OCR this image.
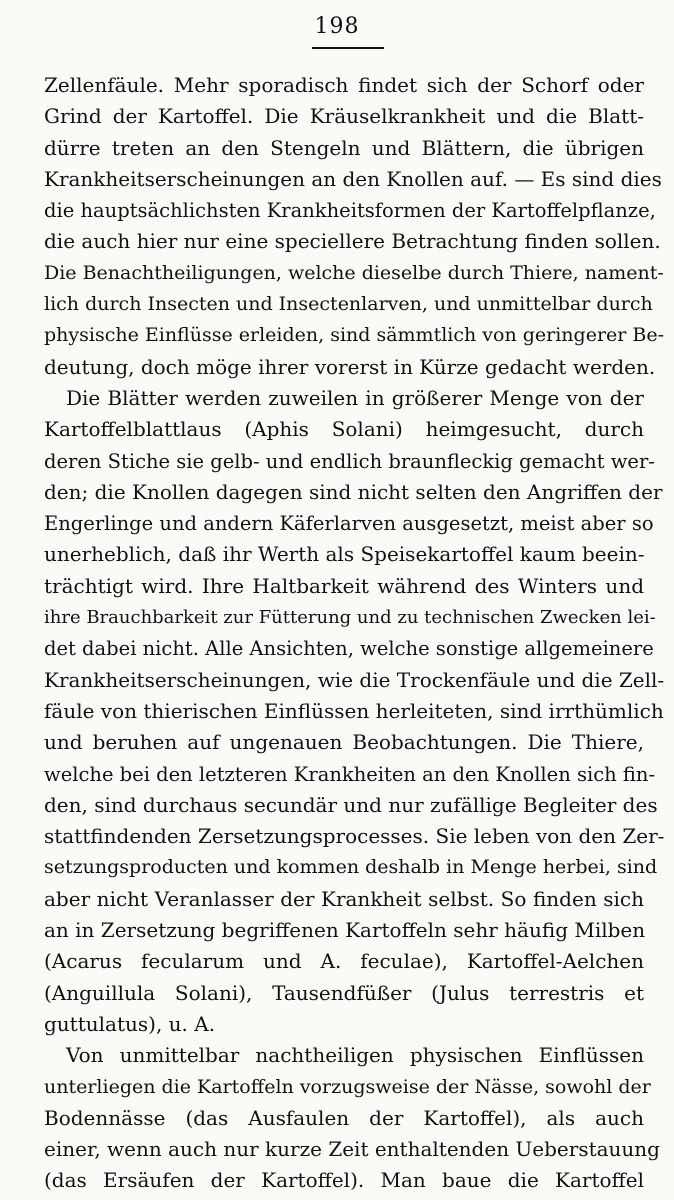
198
Zellenfäule. Mehr sporadisch findet sich der Schorf oder
Grind der Kartoffel. Die Kräuselkrankheit und die Blatt-
dürre treten an den Stengeln und Blättern, die übrigen
Krankheitserscheinungen an den Knollen auf. — Es sind dies
die hauptsächlichsten Krankheitsformen der Kartoffelpflanze,
die auch hier nur eine speciellere Betrachtung finden sollen.
Die Benachtheiligungen, welche dieselbe durch Thiere, nament-
lich durch Insecten und Insectenlarven, und unmittelbar durch
physische Einflüsse erleiden, sind sämmtlich von geringerer Be-
deutung, doch möge ihrer vorerst in Kürze gedacht werden.
Die Blätter werden zuweilen in größerer Menge von der
Kartoffelblattlaus (Aphis Solani) heimgesucht, durch
deren Stiche sie gelb- und endlich braunfleckig gemacht wer-
den; die Knollen dagegen sind nicht selten den Angriffen der
Engerlinge und andern Käferlarven ausgesetzt, meist aber so
unerheblich, daß ihr Werth als Speisekartoffel kaum beein-
trächtigt wird. Ihre Haltbarkeit während des Winters und
ihre Brauchbarkeit zur Fütterung und zu technischen Zwecken lei-
det dabei nicht. Alle Ansichten, welche sonstige allgemeinere
Krankheitserscheinungen, wie die Trockenfäule und die Zell-
fäule von thierischen Einflüssen herleiteten, sind irrthümlich
und beruhen auf ungenauen Beobachtungen. Die Thiere,
welche bei den letzteren Krankheiten an den Knollen sich fin-
den, sind durchaus secundär und nur zufällige Begleiter des
stattfindenden Zersetzungsprocesses. Sie leben von den Zer-
setzungsproducten und kommen deshalb in Menge herbei, sind
aber nicht Veranlasser der Krankheit selbst. So finden sich
an in Zersetzung begriffenen Kartoffeln sehr häufig Milben
(Acarus fecularum und A. feculae), Kartoffel-Aelchen
(Anguillula Solani), Tausendfüßer (Julus terrestris et
guttulatus), u. A.
Von unmittelbar nachtheiligen physischen Einflüssen
unterliegen die Kartoffeln vorzugsweise der Nässe, sowohl der
Bodennässe (das Ausfaulen der Kartoffel), als auch
einer, wenn auch nur kurze Zeit enthaltenden Ueberstauung
(das Ersäufen der Kartoffel). Man baue die Kartoffel
